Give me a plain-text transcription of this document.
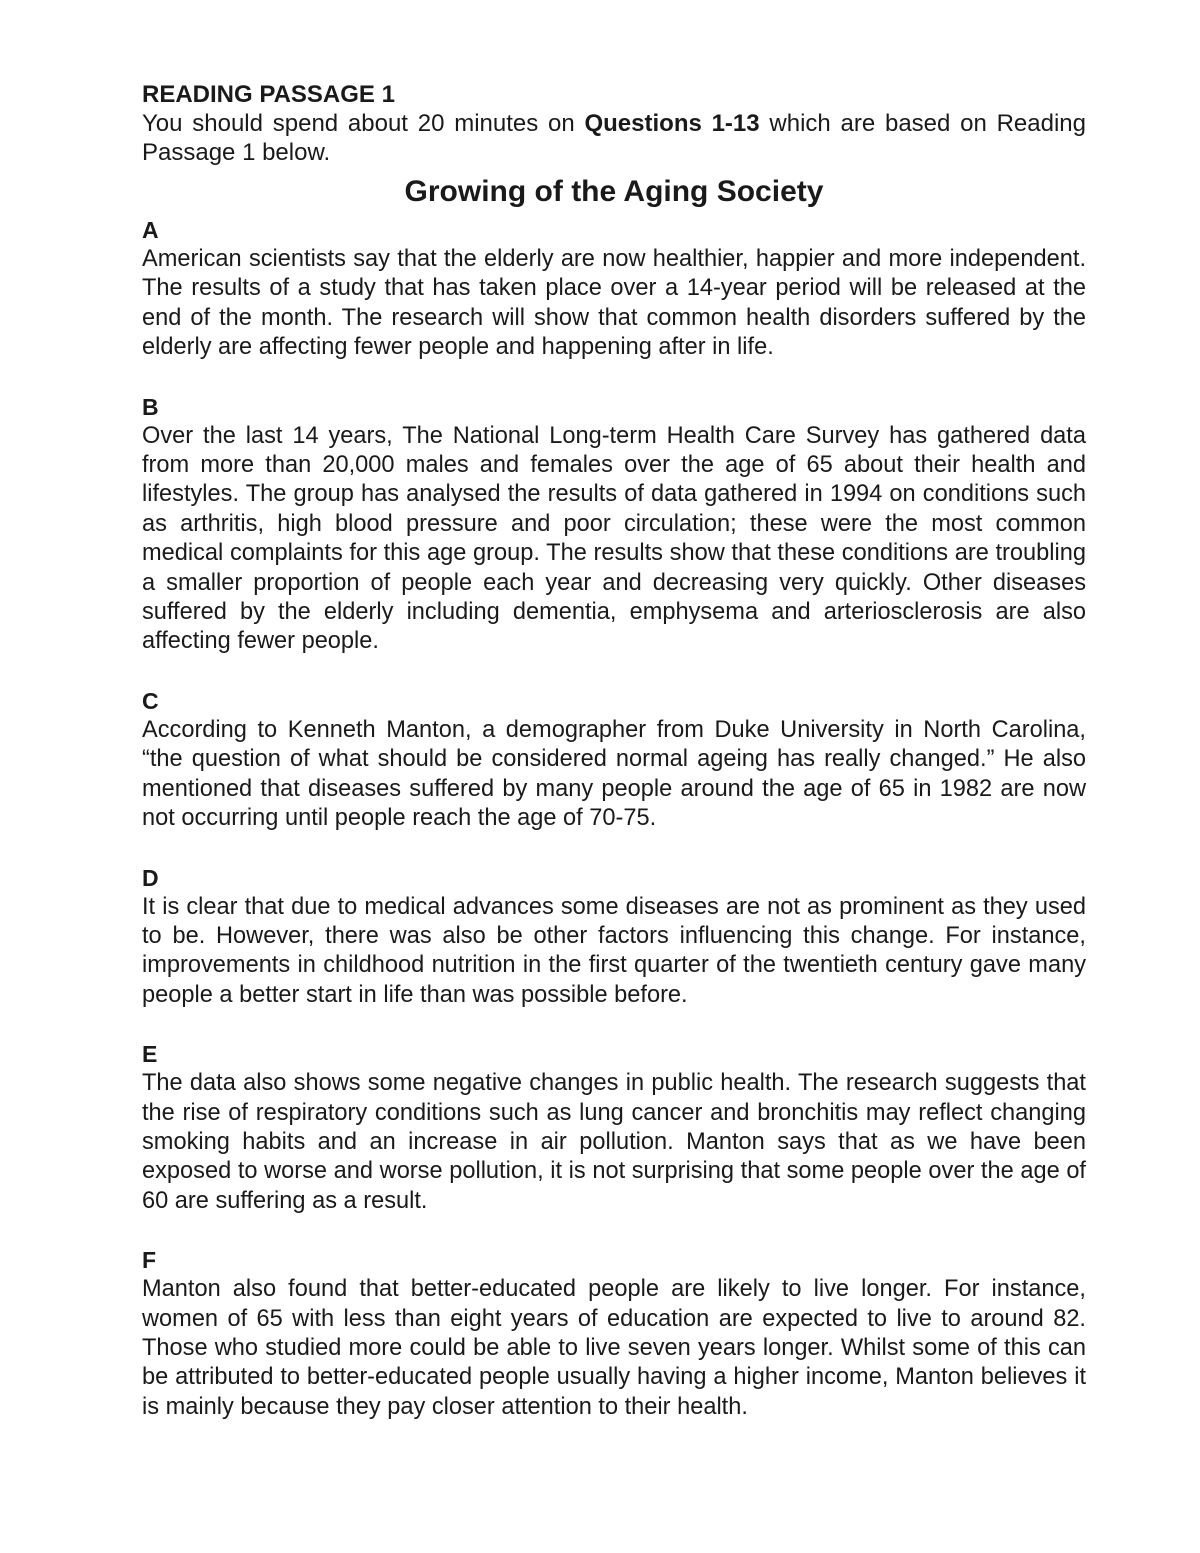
READING PASSAGE 1

You should spend about 20 minutes on Questions 1-13 which are based on Reading Passage 1 below.

Growing of the Aging Society

A

American scientists say that the elderly are now healthier, happier and more independent. The results of a study that has taken place over a 14-year period will be released at the end of the month. The research will show that common health disorders suffered by the elderly are affecting fewer people and happening after in life.

B

Over the last 14 years, The National Long-term Health Care Survey has gathered data from more than 20,000 males and females over the age of 65 about their health and lifestyles. The group has analysed the results of data gathered in 1994 on conditions such as arthritis, high blood pressure and poor circulation; these were the most common medical complaints for this age group. The results show that these conditions are troubling a smaller proportion of people each year and decreasing very quickly. Other diseases suffered by the elderly including dementia, emphysema and arteriosclerosis are also affecting fewer people.

C

According to Kenneth Manton, a demographer from Duke University in North Carolina, “the question of what should be considered normal ageing has really changed.” He also mentioned that diseases suffered by many people around the age of 65 in 1982 are now not occurring until people reach the age of 70-75.

D

It is clear that due to medical advances some diseases are not as prominent as they used to be. However, there was also be other factors influencing this change. For instance, improvements in childhood nutrition in the first quarter of the twentieth century gave many people a better start in life than was possible before.

E

The data also shows some negative changes in public health. The research suggests that the rise of respiratory conditions such as lung cancer and bronchitis may reflect changing smoking habits and an increase in air pollution. Manton says that as we have been exposed to worse and worse pollution, it is not surprising that some people over the age of 60 are suffering as a result.

F

Manton also found that better-educated people are likely to live longer. For instance, women of 65 with less than eight years of education are expected to live to around 82. Those who studied more could be able to live seven years longer. Whilst some of this can be attributed to better-educated people usually having a higher income, Manton believes it is mainly because they pay closer attention to their health.
